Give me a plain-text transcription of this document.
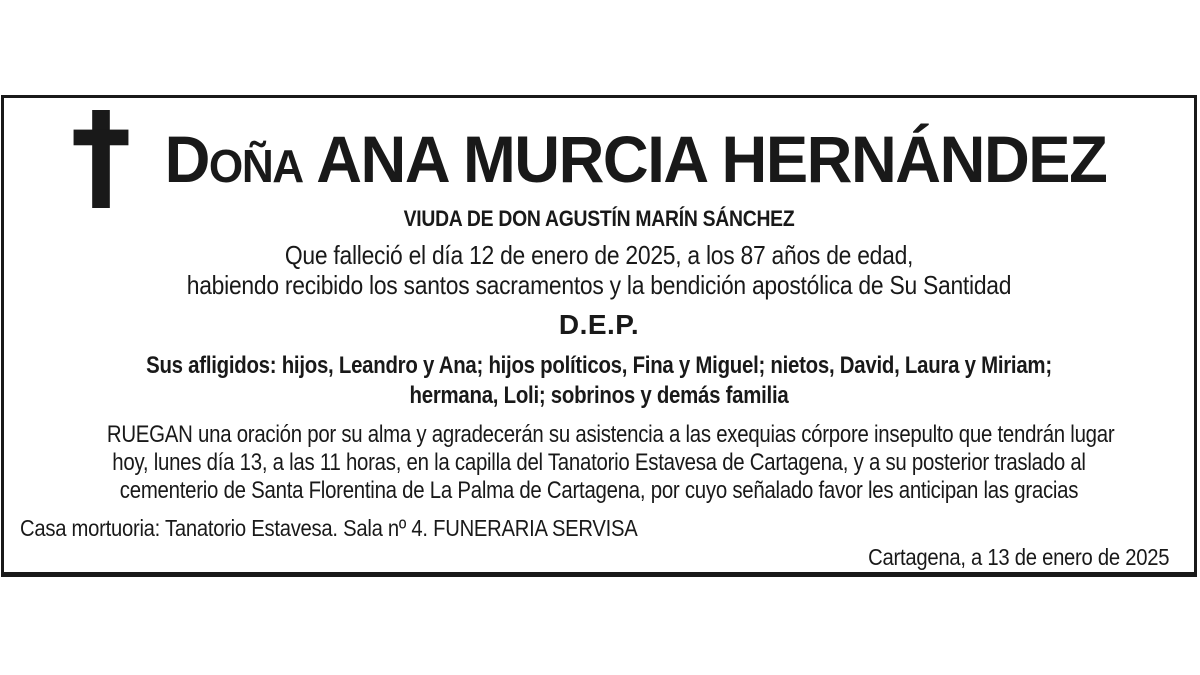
Doña ANA MURCIA HERNÁNDEZ
VIUDA DE DON AGUSTÍN MARÍN SÁNCHEZ
Que falleció el día 12 de enero de 2025, a los 87 años de edad,
habiendo recibido los santos sacramentos y la bendición apostólica de Su Santidad
D.E.P.
Sus afligidos: hijos, Leandro y Ana; hijos políticos, Fina y Miguel; nietos, David, Laura y Miriam;
hermana, Loli; sobrinos y demás familia
RUEGAN una oración por su alma y agradecerán su asistencia a las exequias córpore insepulto que tendrán lugar
hoy, lunes día 13, a las 11 horas, en la capilla del Tanatorio Estavesa de Cartagena, y a su posterior traslado al
cementerio de Santa Florentina de La Palma de Cartagena, por cuyo señalado favor les anticipan las gracias
Casa mortuoria: Tanatorio Estavesa. Sala nº 4. FUNERARIA SERVISA
Cartagena, a 13 de enero de 2025
